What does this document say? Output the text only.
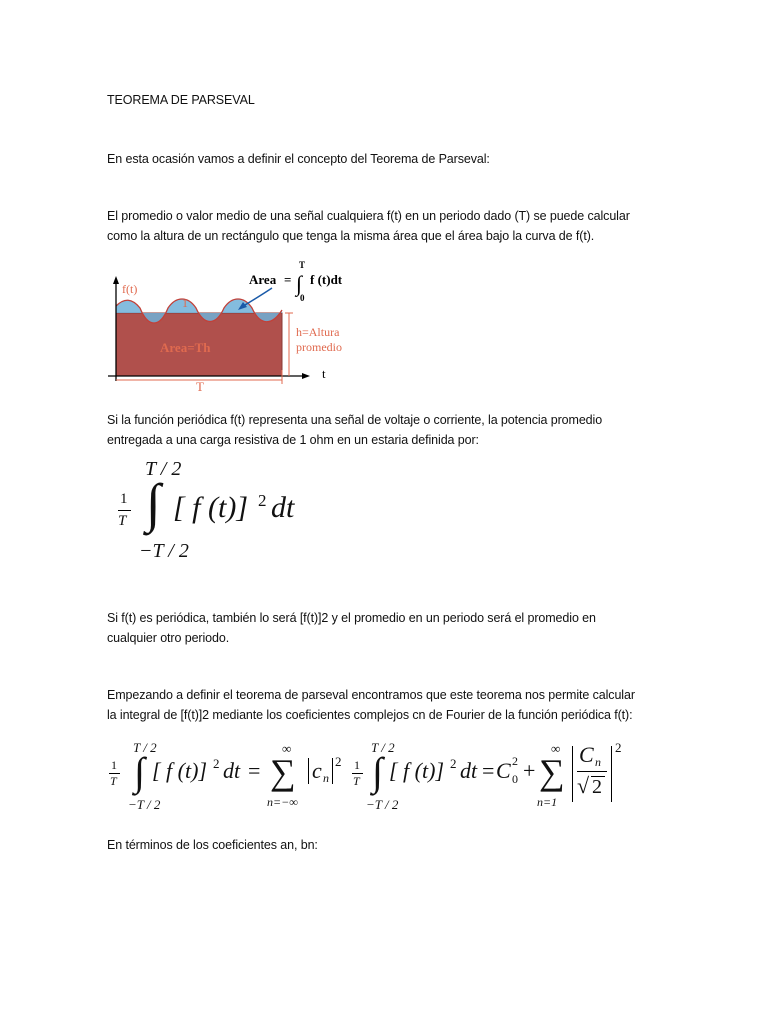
TEOREMA DE PARSEVAL

En esta ocasión vamos a definir el concepto del Teorema de Parseval:

El promedio o valor medio de una señal cualquiera f(t) en un periodo dado (T) se puede calcular
como la altura de un rectángulo que tenga la misma área que el área bajo la curva de f(t).
f(t)
1
Area =
T
∫
0
f (t)dt
Area=Th
h=Altura
promedio
t
T
Si la función periódica f(t) representa una señal de voltaje o corriente, la potencia promedio
entregada a una carga resistiva de 1 ohm en un estaria definida por:
T / 2
1
T ∫ [ f (t)] 2 dt
−T / 2
Si f(t) es periódica, también lo será [f(t)]2 y el promedio en un periodo será el promedio en
cualquier otro periodo.
Empezando a definir el teorema de parseval encontramos que este teorema nos permite calcular
la integral de [f(t)]2 mediante los coeficientes complejos cn de Fourier de la función periódica f(t):
1
T
T / 2
∫
−T / 2
[ f (t)] 2 dt =
∞
∑
n=−∞
c n
2 1
T
T / 2
∫
−T / 2
[ f (t)] 2 dt = C 2
0 +
∞
∑
n=1
C n
√ 2
2

En términos de los coeficientes an, bn:
